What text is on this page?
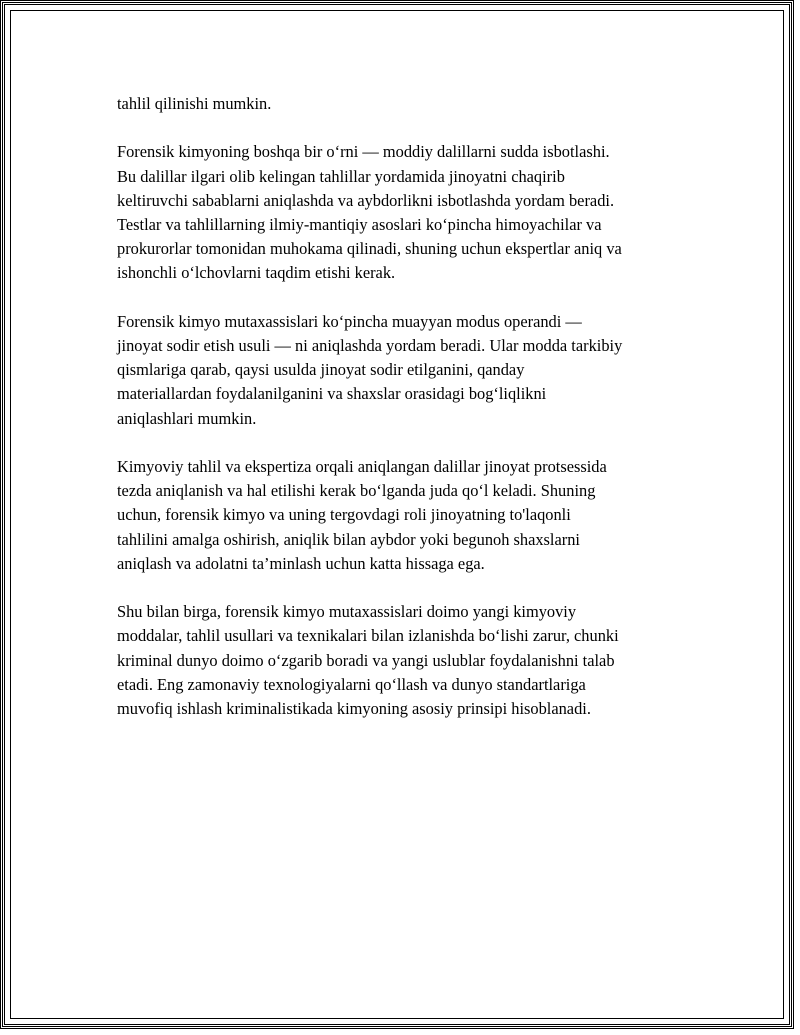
tahlil qilinishi mumkin.

Forensik kimyoning boshqa bir o‘rni — moddiy dalillarni sudda isbotlashi.
Bu dalillar ilgari olib kelingan tahlillar yordamida jinoyatni chaqirib
keltiruvchi sabablarni aniqlashda va aybdorlikni isbotlashda yordam beradi.
Testlar va tahlillarning ilmiy-mantiqiy asoslari ko‘pincha himoyachilar va
prokurorlar tomonidan muhokama qilinadi, shuning uchun ekspertlar aniq va
ishonchli o‘lchovlarni taqdim etishi kerak.

Forensik kimyo mutaxassislari ko‘pincha muayyan modus operandi —
jinoyat sodir etish usuli — ni aniqlashda yordam beradi. Ular modda tarkibiy
qismlariga qarab, qaysi usulda jinoyat sodir etilganini, qanday
materiallardan foydalanilganini va shaxslar orasidagi bog‘liqlikni
aniqlashlari mumkin.

Kimyoviy tahlil va ekspertiza orqali aniqlangan dalillar jinoyat protsessida
tezda aniqlanish va hal etilishi kerak bo‘lganda juda qo‘l keladi. Shuning
uchun, forensik kimyo va uning tergovdagi roli jinoyatning to'laqonli
tahlilini amalga oshirish, aniqlik bilan aybdor yoki begunoh shaxslarni
aniqlash va adolatni ta’minlash uchun katta hissaga ega.

Shu bilan birga, forensik kimyo mutaxassislari doimo yangi kimyoviy
moddalar, tahlil usullari va texnikalari bilan izlanishda bo‘lishi zarur, chunki
kriminal dunyo doimo o‘zgarib boradi va yangi uslublar foydalanishni talab
etadi. Eng zamonaviy texnologiyalarni qo‘llash va dunyo standartlariga
muvofiq ishlash kriminalistikada kimyoning asosiy prinsipi hisoblanadi.
